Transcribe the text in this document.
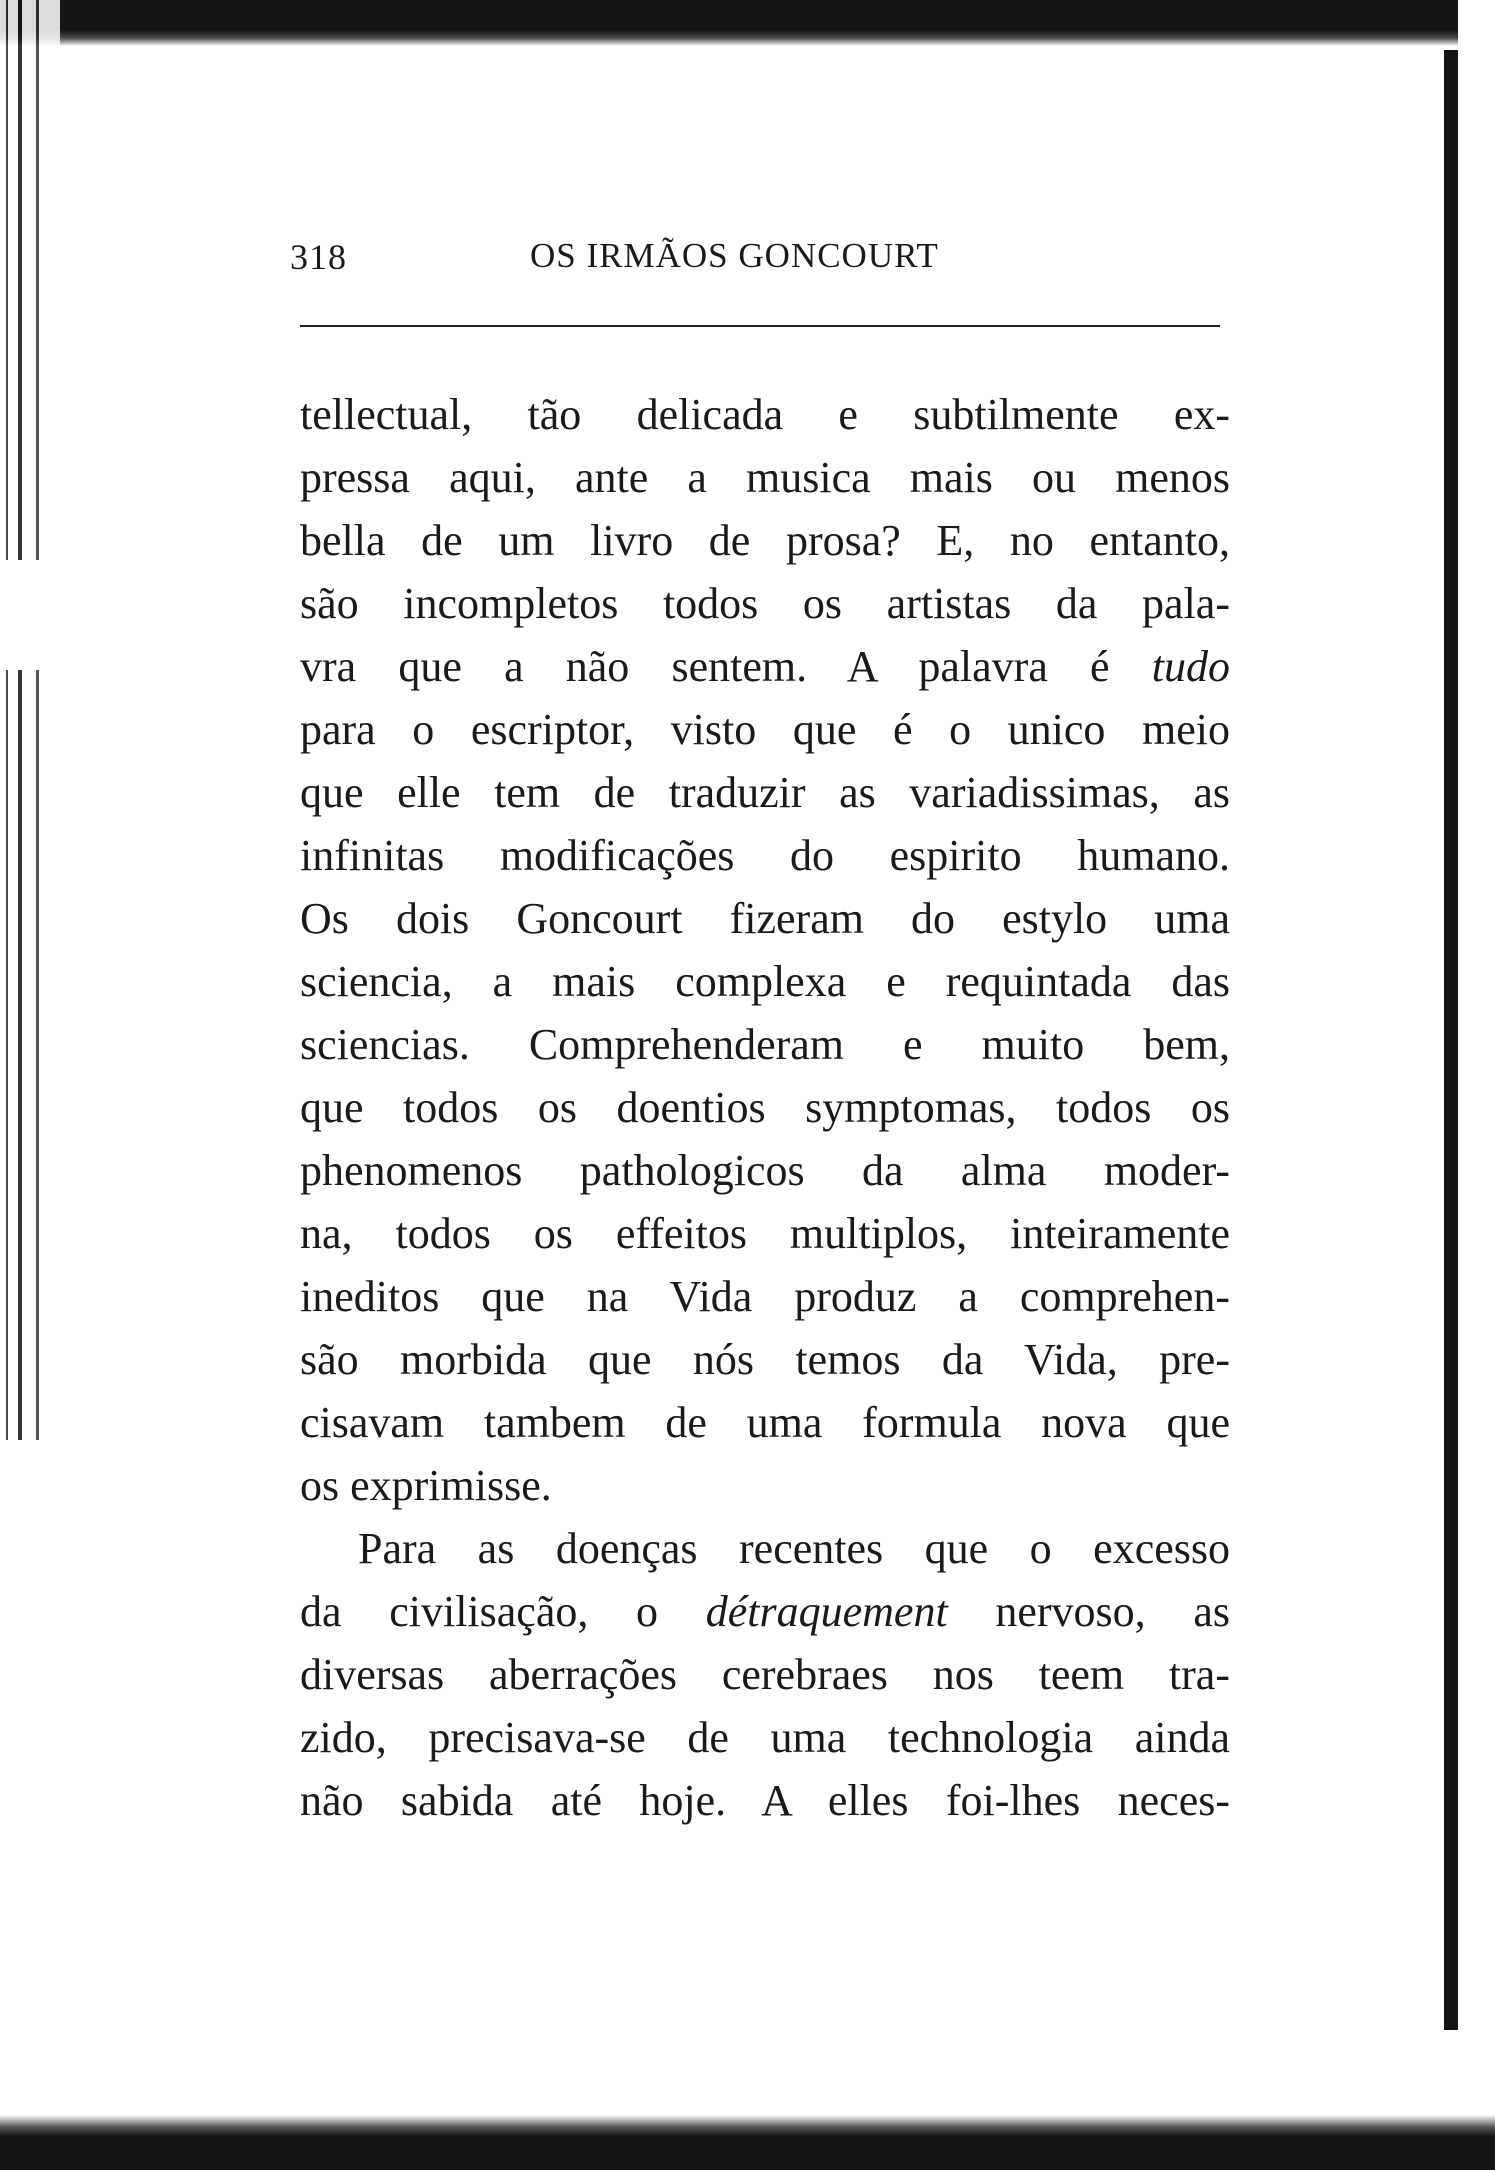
318	OS IRMÃOS GONCOURT
tellectual, tão delicada e subtilmente ex-
pressa aqui, ante a musica mais ou menos
bella de um livro de prosa? E, no entanto,
são incompletos todos os artistas da pala-
vra que a não sentem. A palavra é tudo
para o escriptor, visto que é o unico meio
que elle tem de traduzir as variadissimas, as
infinitas modificações do espirito humano.
Os dois Goncourt fizeram do estylo uma
sciencia, a mais complexa e requintada das
sciencias. Comprehenderam e muito bem,
que todos os doentios symptomas, todos os
phenomenos pathologicos da alma moder-
na, todos os effeitos multiplos, inteiramente
ineditos que na Vida produz a comprehen-
são morbida que nós temos da Vida, pre-
cisavam tambem de uma formula nova que
os exprimisse.
Para as doenças recentes que o excesso
da civilisação, o détraquement nervoso, as
diversas aberrações cerebraes nos teem tra-
zido, precisava-se de uma technologia ainda
não sabida até hoje. A elles foi-lhes neces-
